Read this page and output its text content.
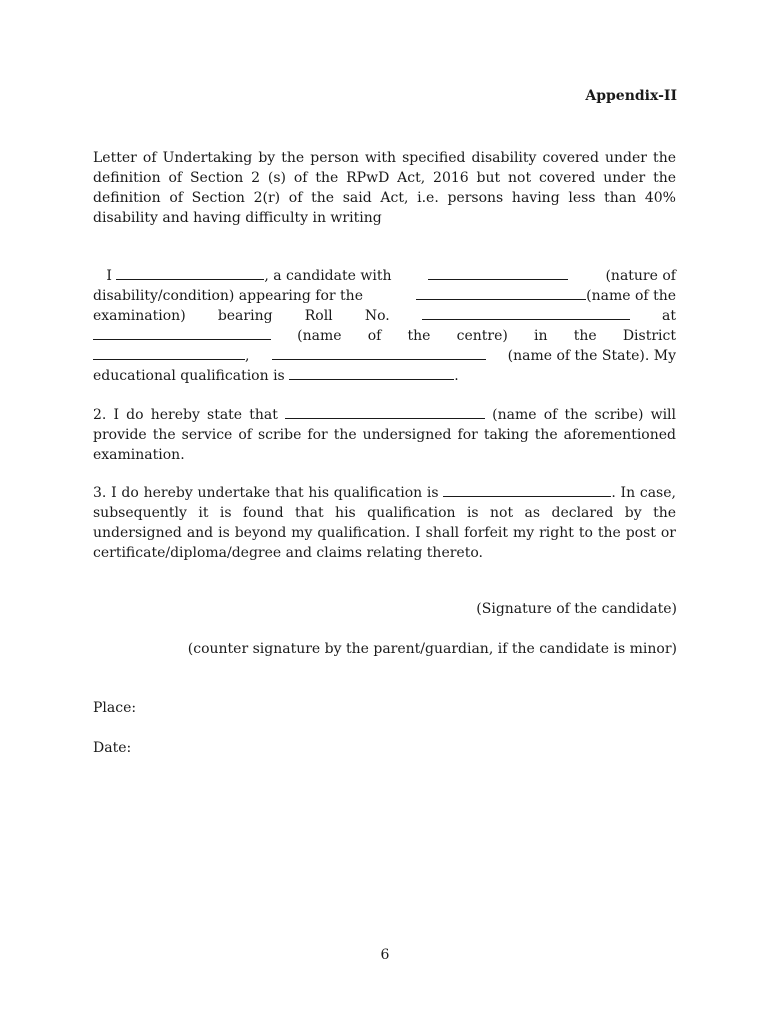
Appendix-II
Letter of Undertaking by the person with specified disability covered under the definition of Section 2 (s) of the RPwD Act, 2016 but not covered under the definition of Section 2(r) of the said Act, i.e. persons having less than 40% disability and having difficulty in writing
I	, a candidate with	(nature of
disability/condition) appearing for the	(name of the
examination) bearing Roll No.	at
(name of the centre) in the District
,	(name of the State). My
educational qualification is	.
2. I do hereby state that	(name of the scribe) will provide the service of scribe for the undersigned for taking the aforementioned examination.
3. I do hereby undertake that his qualification is	. In case, subsequently it is found that his qualification is not as declared by the undersigned and is beyond my qualification. I shall forfeit my right to the post or certificate/diploma/degree and claims relating thereto.
(Signature of the candidate)
(counter signature by the parent/guardian, if the candidate is minor)
Place:
Date:
6
